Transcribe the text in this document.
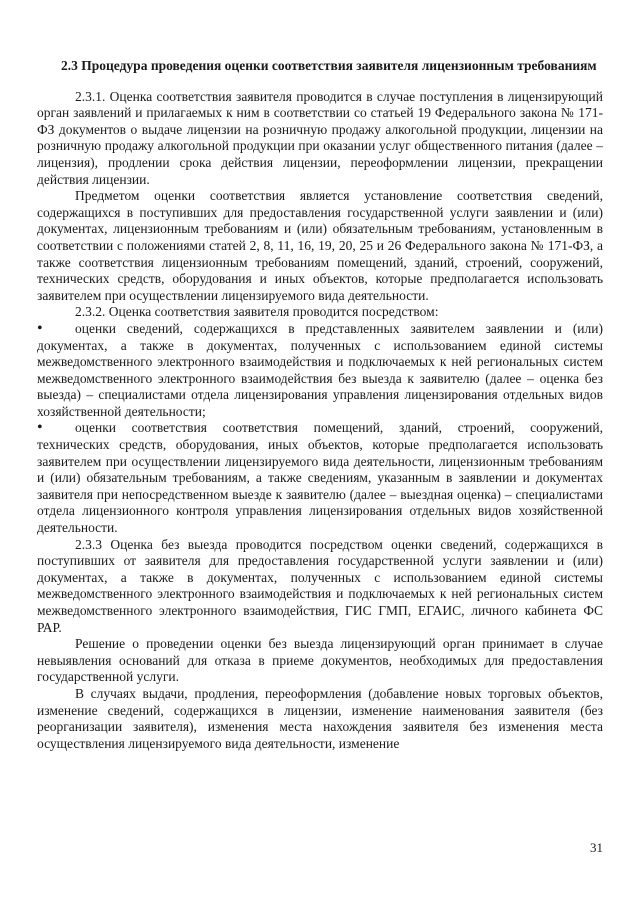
2.3 Процедура проведения оценки соответствия заявителя лицензионным требованиям

2.3.1. Оценка соответствия заявителя проводится в случае поступления в лицензирующий орган заявлений и прилагаемых к ним в соответствии со статьей 19 Федерального закона № 171-ФЗ документов о выдаче лицензии на розничную продажу алкогольной продукции, лицензии на розничную продажу алкогольной продукции при оказании услуг общественного питания (далее – лицензия), продлении срока действия лицензии, переоформлении лицензии, прекращении действия лицензии.

Предметом оценки соответствия является установление соответствия сведений, содержащихся в поступивших для предоставления государственной услуги заявлении и (или) документах, лицензионным требованиям и (или) обязательным требованиям, установленным в соответствии с положениями статей 2, 8, 11, 16, 19, 20, 25 и 26 Федерального закона № 171-ФЗ, а также соответствия лицензионным требованиям помещений, зданий, строений, сооружений, технических средств, оборудования и иных объектов, которые предполагается использовать заявителем при осуществлении лицензируемого вида деятельности.

2.3.2. Оценка соответствия заявителя проводится посредством:

•

оценки сведений, содержащихся в представленных заявителем заявлении и (или) документах, а также в документах, полученных с использованием единой системы межведомственного электронного взаимодействия и подключаемых к ней региональных систем межведомственного электронного взаимодействия без выезда к заявителю (далее – оценка без выезда) – специалистами отдела лицензирования управления лицензирования отдельных видов хозяйственной деятельности;

•

оценки соответствия соответствия помещений, зданий, строений, сооружений, технических средств, оборудования, иных объектов, которые предполагается использовать заявителем при осуществлении лицензируемого вида деятельности, лицензионным требованиям и (или) обязательным требованиям, а также сведениям, указанным в заявлении и документах заявителя при непосредственном выезде к заявителю (далее – выездная оценка) – специалистами отдела лицензионного контроля управления лицензирования отдельных видов хозяйственной деятельности.

2.3.3 Оценка без выезда проводится посредством оценки сведений, содержащихся в поступивших от заявителя для предоставления государственной услуги заявлении и (или) документах, а также в документах, полученных с использованием единой системы межведомственного электронного взаимодействия и подключаемых к ней региональных систем межведомственного электронного взаимодействия, ГИС ГМП, ЕГАИС, личного кабинета ФС РАР.

Решение о проведении оценки без выезда лицензирующий орган принимает в случае невыявления оснований для отказа в приеме документов, необходимых для предоставления государственной услуги.

В случаях выдачи, продления, переоформления (добавление новых торговых объектов, изменение сведений, содержащихся в лицензии, изменение наименования заявителя (без реорганизации заявителя), изменения места нахождения заявителя без изменения места осуществления лицензируемого вида деятельности, изменение

31
